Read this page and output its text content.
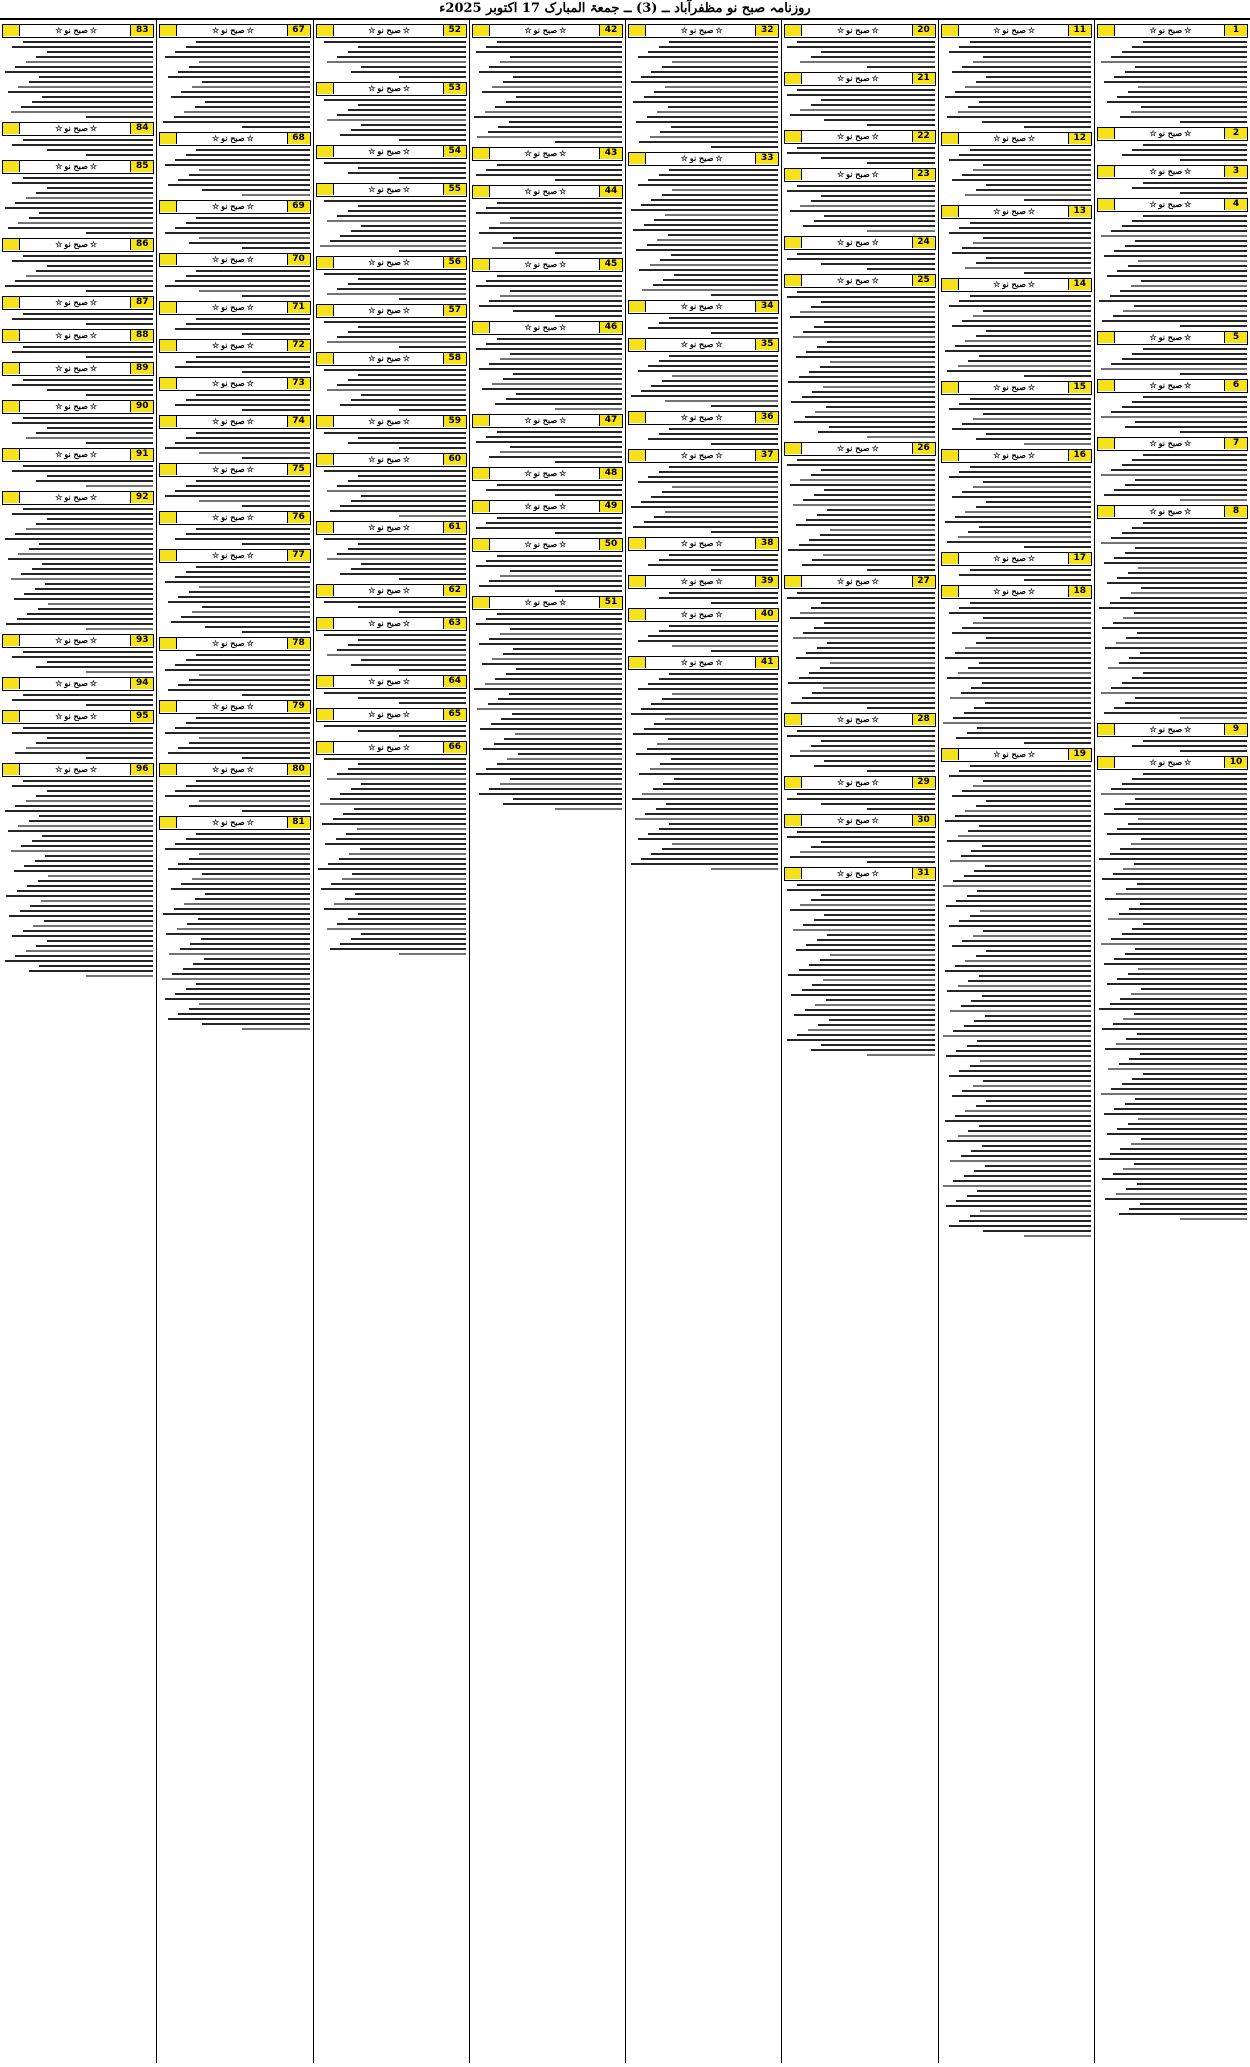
روزنامہ صبح نو مظفرآباد ــ (3) ــ جمعۃ المبارک 17 اکتوبر 2025ء
☆ صبح نو ☆	1
☆ صبح نو ☆	2
☆ صبح نو ☆	3
☆ صبح نو ☆	4
☆ صبح نو ☆	5
☆ صبح نو ☆	6
☆ صبح نو ☆	7
☆ صبح نو ☆	8
☆ صبح نو ☆	9
☆ صبح نو ☆	10
☆ صبح نو ☆	11
☆ صبح نو ☆	12
☆ صبح نو ☆	13
☆ صبح نو ☆	14
☆ صبح نو ☆	15
☆ صبح نو ☆	16
☆ صبح نو ☆	17
☆ صبح نو ☆	18
☆ صبح نو ☆	19
☆ صبح نو ☆	20
☆ صبح نو ☆	21
☆ صبح نو ☆	22
☆ صبح نو ☆	23
☆ صبح نو ☆	24
☆ صبح نو ☆	25
☆ صبح نو ☆	26
☆ صبح نو ☆	27
☆ صبح نو ☆	28
☆ صبح نو ☆	29
☆ صبح نو ☆	30
☆ صبح نو ☆	31
☆ صبح نو ☆	32
☆ صبح نو ☆	33
☆ صبح نو ☆	34
☆ صبح نو ☆	35
☆ صبح نو ☆	36
☆ صبح نو ☆	37
☆ صبح نو ☆	38
☆ صبح نو ☆	39
☆ صبح نو ☆	40
☆ صبح نو ☆	41
☆ صبح نو ☆	42
☆ صبح نو ☆	43
☆ صبح نو ☆	44
☆ صبح نو ☆	45
☆ صبح نو ☆	46
☆ صبح نو ☆	47
☆ صبح نو ☆	48
☆ صبح نو ☆	49
☆ صبح نو ☆	50
☆ صبح نو ☆	51
☆ صبح نو ☆	52
☆ صبح نو ☆	53
☆ صبح نو ☆	54
☆ صبح نو ☆	55
☆ صبح نو ☆	56
☆ صبح نو ☆	57
☆ صبح نو ☆	58
☆ صبح نو ☆	59
☆ صبح نو ☆	60
☆ صبح نو ☆	61
☆ صبح نو ☆	62
☆ صبح نو ☆	63
☆ صبح نو ☆	64
☆ صبح نو ☆	65
☆ صبح نو ☆	66
☆ صبح نو ☆	67
☆ صبح نو ☆	68
☆ صبح نو ☆	69
☆ صبح نو ☆	70
☆ صبح نو ☆	71
☆ صبح نو ☆	72
☆ صبح نو ☆	73
☆ صبح نو ☆	74
☆ صبح نو ☆	75
☆ صبح نو ☆	76
☆ صبح نو ☆	77
☆ صبح نو ☆	78
☆ صبح نو ☆	79
☆ صبح نو ☆	80
☆ صبح نو ☆	81
☆ صبح نو ☆	83
☆ صبح نو ☆	84
☆ صبح نو ☆	85
☆ صبح نو ☆	86
☆ صبح نو ☆	87
☆ صبح نو ☆	88
☆ صبح نو ☆	89
☆ صبح نو ☆	90
☆ صبح نو ☆	91
☆ صبح نو ☆	92
☆ صبح نو ☆	93
☆ صبح نو ☆	94
☆ صبح نو ☆	95
☆ صبح نو ☆	96
